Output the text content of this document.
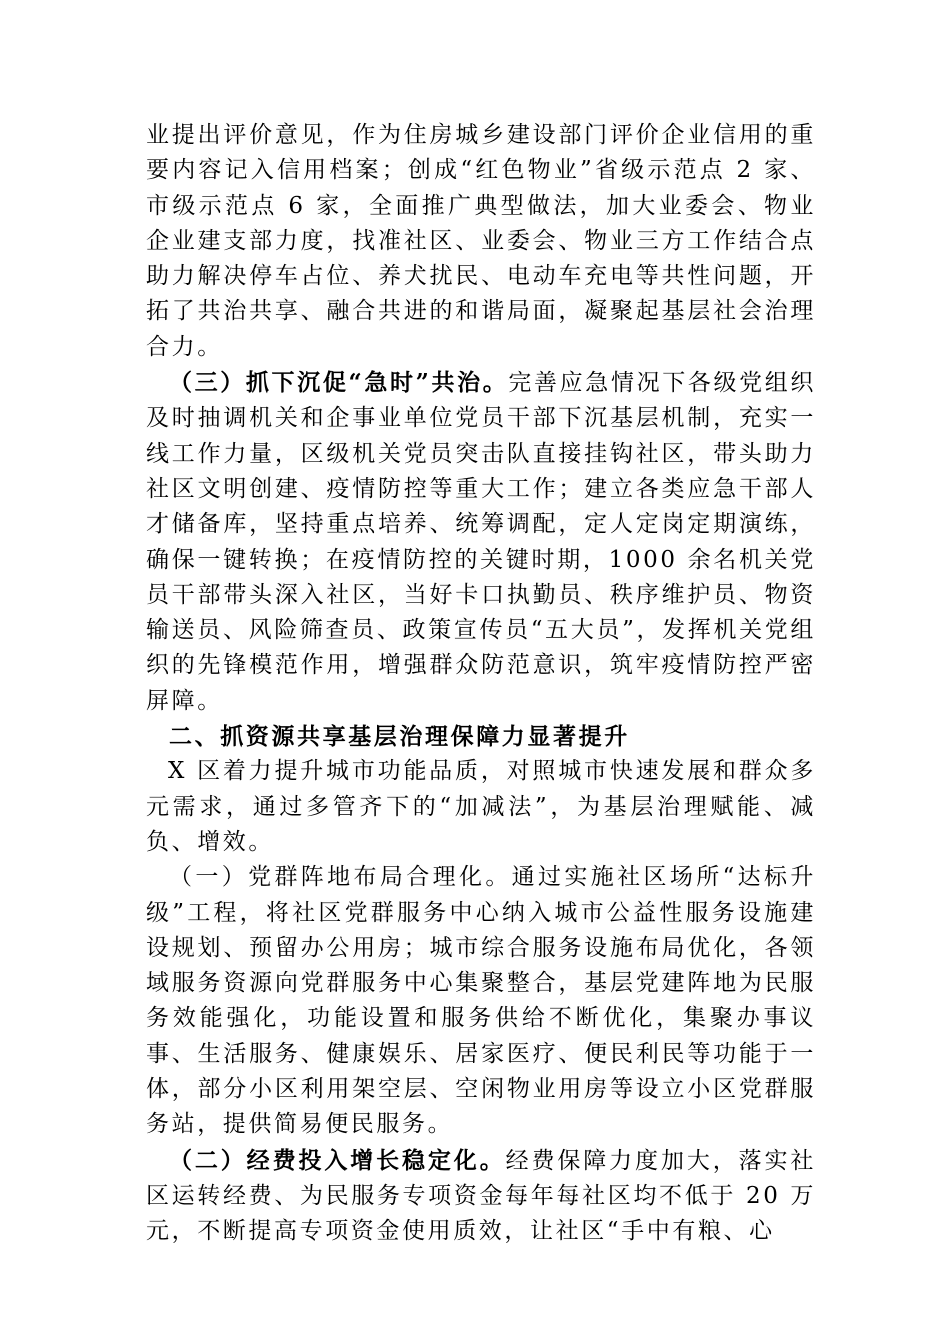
业提出评价意见，作为住房城乡建设部门评价企业信用的重要内容记入信用档案；创成“红色物业”省级示范点 2 家、市级示范点 6 家，全面推广典型做法，加大业委会、物业企业建支部力度，找准社区、业委会、物业三方工作结合点助力解决停车占位、养犬扰民、电动车充电等共性问题，开拓了共治共享、融合共进的和谐局面，凝聚起基层社会治理合力。

（三）抓下沉促“急时”共治。完善应急情况下各级党组织及时抽调机关和企事业单位党员干部下沉基层机制，充实一线工作力量，区级机关党员突击队直接挂钩社区，带头助力社区文明创建、疫情防控等重大工作；建立各类应急干部人才储备库，坚持重点培养、统筹调配，定人定岗定期演练，确保一键转换；在疫情防控的关键时期，1000 余名机关党员干部带头深入社区，当好卡口执勤员、秩序维护员、物资输送员、风险筛查员、政策宣传员“五大员”，发挥机关党组织的先锋模范作用，增强群众防范意识，筑牢疫情防控严密屏障。

二、抓资源共享基层治理保障力显著提升

X 区着力提升城市功能品质，对照城市快速发展和群众多元需求，通过多管齐下的“加减法”，为基层治理赋能、减负、增效。

（一）党群阵地布局合理化。通过实施社区场所“达标升级”工程，将社区党群服务中心纳入城市公益性服务设施建设规划、预留办公用房；城市综合服务设施布局优化，各领域服务资源向党群服务中心集聚整合，基层党建阵地为民服务效能强化，功能设置和服务供给不断优化，集聚办事议事、生活服务、健康娱乐、居家医疗、便民利民等功能于一体，部分小区利用架空层、空闲物业用房等设立小区党群服务站，提供简易便民服务。

（二）经费投入增长稳定化。经费保障力度加大，落实社区运转经费、为民服务专项资金每年每社区均不低于 20 万元，不断提高专项资金使用质效，让社区“手中有粮、心
